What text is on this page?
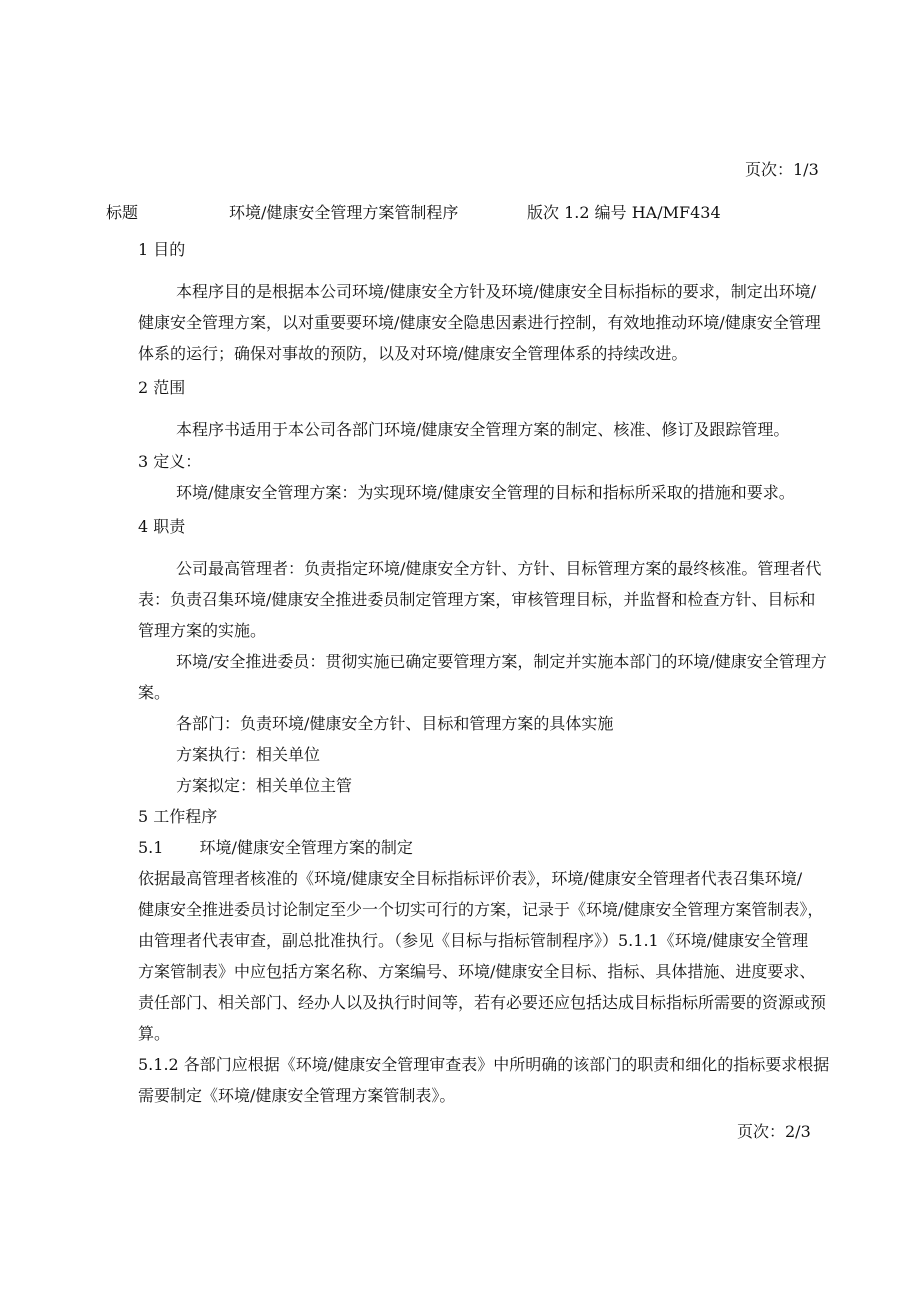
页次：1/3
标题	环境/健康安全管理方案管制程序	版次 1.2 编号 HA∕MF434

1 目的

本程序目的是根据本公司环境/健康安全方针及环境/健康安全目标指标的要求，制定出环境/

健康安全管理方案，以对重要要环境/健康安全隐患因素进行控制，有效地推动环境/健康安全管理

体系的运行；确保对事故的预防，以及对环境/健康安全管理体系的持续改进。

2 范围

本程序书适用于本公司各部门环境/健康安全管理方案的制定、核准、修订及跟踪管理。

3 定义：

环境/健康安全管理方案：为实现环境/健康安全管理的目标和指标所采取的措施和要求。

4 职责

公司最高管理者：负责指定环境/健康安全方针、方针、目标管理方案的最终核准。管理者代

表：负责召集环境/健康安全推进委员制定管理方案，审核管理目标，并监督和检查方针、目标和

管理方案的实施。

环境/安全推进委员：贯彻实施已确定要管理方案，制定并实施本部门的环境/健康安全管理方

案。

各部门：负责环境/健康安全方针、目标和管理方案的具体实施

方案执行：相关单位

方案拟定：相关单位主管

5 工作程序

5.1 环境/健康安全管理方案的制定

依据最高管理者核准的《环境/健康安全目标指标评价表》，环境/健康安全管理者代表召集环境/

健康安全推进委员讨论制定至少一个切实可行的方案，记录于《环境/健康安全管理方案管制表》，

由管理者代表审查，副总批准执行。（参见《目标与指标管制程序》）5.1.1《环境/健康安全管理

方案管制表》中应包括方案名称、方案编号、环境/健康安全目标、指标、具体措施、进度要求、

责任部门、相关部门、经办人以及执行时间等，若有必要还应包括达成目标指标所需要的资源或预

算。

5.1.2 各部门应根据《环境/健康安全管理审查表》中所明确的该部门的职责和细化的指标要求根据

需要制定《环境/健康安全管理方案管制表》。

页次：2/3
